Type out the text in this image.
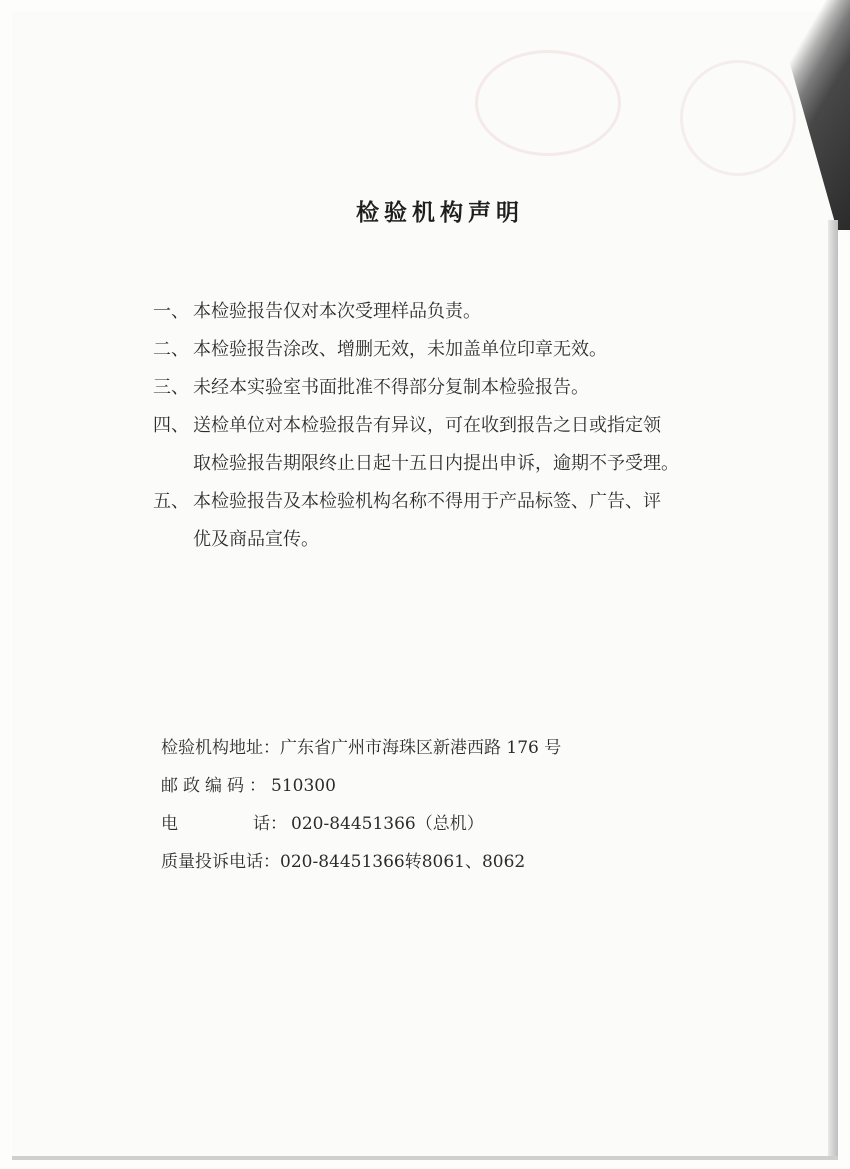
检验机构声明
一、 本检验报告仅对本次受理样品负责。
二、 本检验报告涂改、增删无效，未加盖单位印章无效。
三、 未经本实验室书面批准不得部分复制本检验报告。
四、 送检单位对本检验报告有异议，可在收到报告之日或指定领
取检验报告期限终止日起十五日内提出申诉，逾期不予受理。
五、 本检验报告及本检验机构名称不得用于产品标签、广告、评
优及商品宣传。
检验机构地址：广东省广州市海珠区新港西路 176 号
邮政编码：510300
电	话： 020-84451366（总机）
质量投诉电话：020-84451366转8061、8062
